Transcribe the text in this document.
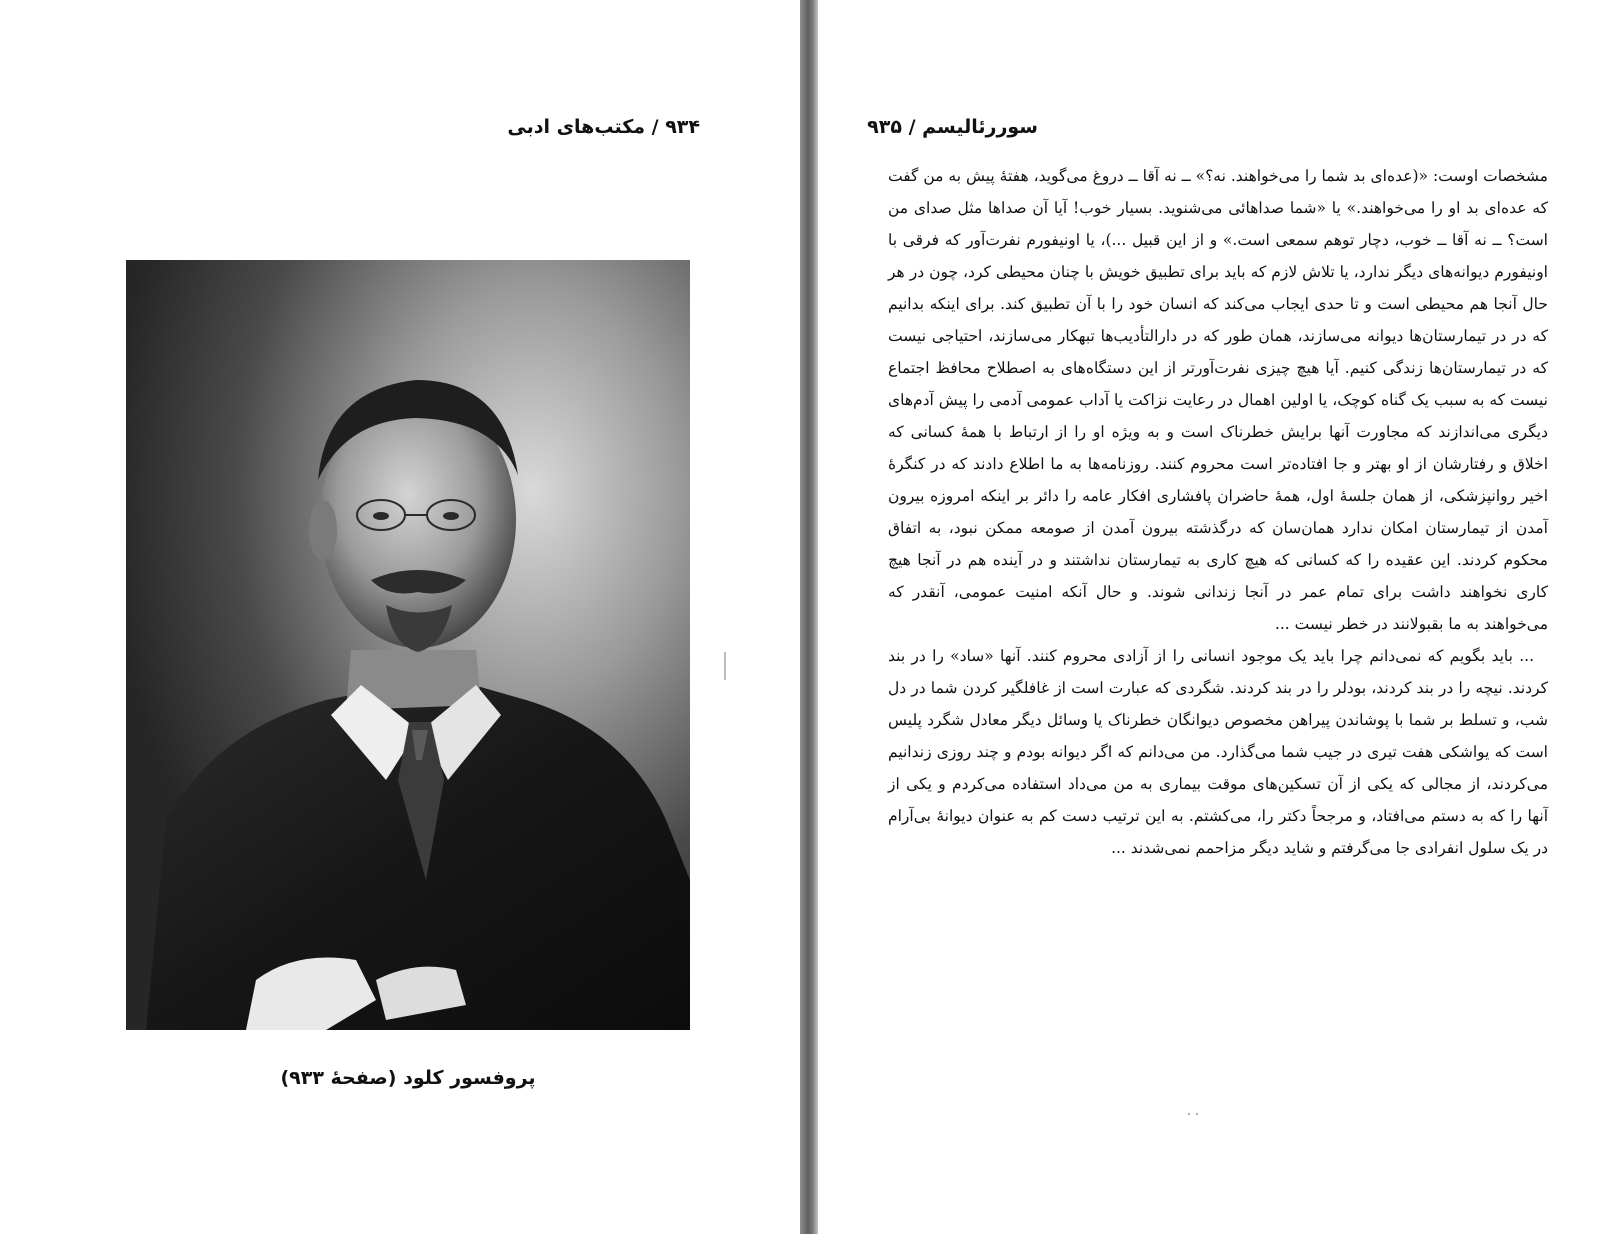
۹۳۴ / مکتب‌های ادبی
پروفسور کلود (صفحهٔ ۹۳۳)
سوررئالیسم / ۹۳۵

مشخصات اوست: «(عده‌ای بد شما را می‌خواهند. نه؟» ــ نه آقا ــ دروغ می‌گوید، هفتهٔ پیش به من گفت که عده‌ای بد او را می‌خواهند.» یا «شما صداهائی می‌شنوید. بسیار خوب! آیا آن صداها مثل صدای من است؟ ــ نه آقا ــ خوب، دچار توهم سمعی است.» و از این قبیل ...)، یا اونیفورم نفرت‌آور که فرقی با اونیفورم دیوانه‌های دیگر ندارد، یا تلاش لازم که باید برای تطبیق خویش با چنان محیطی کرد، چون در هر حال آنجا هم محیطی است و تا حدی ایجاب می‌کند که انسان خود را با آن تطبیق کند. برای اینکه بدانیم که در در تیمارستان‌ها دیوانه می‌سازند، همان طور که در دارالتأدیب‌ها تبهکار می‌سازند، احتیاجی نیست که در تیمارستان‌ها زندگی کنیم. آیا هیچ چیزی نفرت‌آورتر از این دستگاه‌های به اصطلاح محافظ اجتماع نیست که به سبب یک گناه کوچک، یا اولین اهمال در رعایت نزاکت یا آداب عمومی آدمی را پیش آدم‌های دیگری می‌اندازند که مجاورت آنها برایش خطرناک است و به ویژه او را از ارتباط با همهٔ کسانی که اخلاق و رفتارشان از او بهتر و جا افتاده‌تر است محروم کنند. روزنامه‌ها به ما اطلاع دادند که در کنگرهٔ اخیر روانپزشکی، از همان جلسهٔ اول، همهٔ حاضران پافشاری افکار عامه را دائر بر اینکه امروزه بیرون آمدن از تیمارستان امکان ندارد همان‌سان که درگذشته بیرون آمدن از صومعه ممکن نبود، به اتفاق محکوم کردند. این عقیده را که کسانی که هیچ کاری به تیمارستان نداشتند و در آینده هم در آنجا هیچ کاری نخواهند داشت برای تمام عمر در آنجا زندانی شوند. و حال آنکه امنیت عمومی، آنقدر که می‌خواهند به ما بقبولانند در خطر نیست ...

... باید بگویم که نمی‌دانم چرا باید یک موجود انسانی را از آزادی محروم کنند. آنها «ساد» را در بند کردند. نیچه را در بند کردند، بودلر را در بند کردند. شگردی که عبارت است از غافلگیر کردن شما در دل شب، و تسلط بر شما با پوشاندن پیراهن مخصوص دیوانگان خطرناک یا وسائل دیگر معادل شگرد پلیس است که یواشکی هفت تیری در جیب شما می‌گذارد. من می‌دانم که اگر دیوانه بودم و چند روزی زندانیم می‌کردند، از مجالی که یکی از آن تسکین‌های موقت بیماری به من می‌داد استفاده می‌کردم و یکی از آنها را که به دستم می‌افتاد، و مرجحاً دکتر را، می‌کشتم. به این ترتیب دست کم به عنوان دیوانهٔ بی‌آرام در یک سلول انفرادی جا می‌گرفتم و شاید دیگر مزاحمم نمی‌شدند ...
